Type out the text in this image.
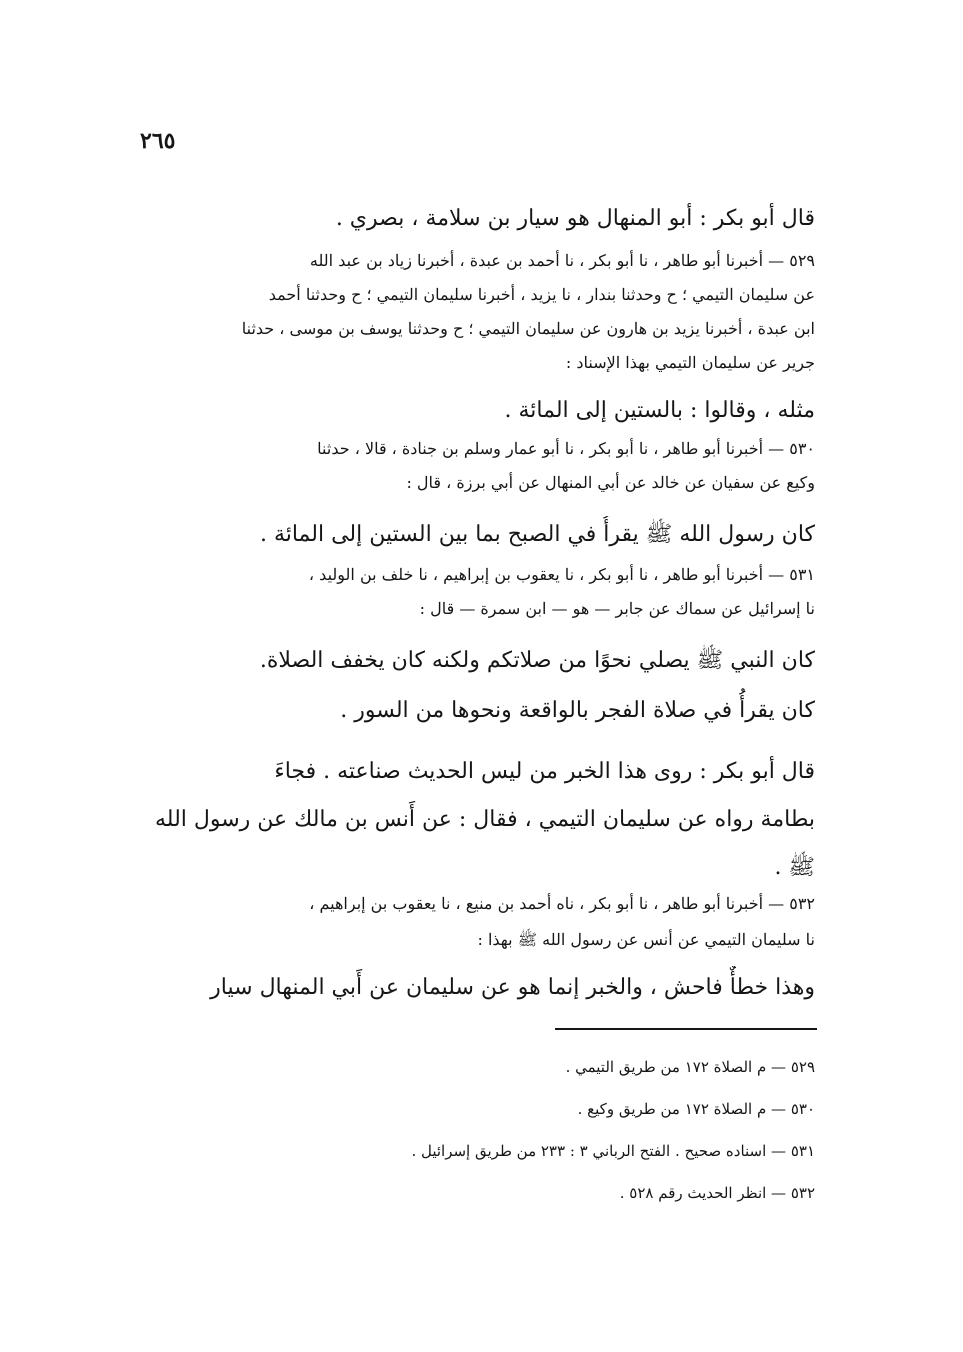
٢٦٥
قال أبو بكر : أبو المنهال هو سيار بن سلامة ، بصري .
٥٢٩ — أخبرنا أبو طاهر ، نا أبو بكر ، نا أحمد بن عبدة ، أخبرنا زياد بن عبد الله
عن سليمان التيمي ؛ ح وحدثنا بندار ، نا يزيد ، أخبرنا سليمان التيمي ؛ ح وحدثنا أحمد
ابن عبدة ، أخبرنا يزيد بن هارون عن سليمان التيمي ؛ ح وحدثنا يوسف بن موسى ، حدثنا
جرير عن سليمان التيمي بهذا الإسناد :
مثله ، وقالوا : بالستين إلى المائة .
٥٣٠ — أخبرنا أبو طاهر ، نا أبو بكر ، نا أبو عمار وسلم بن جنادة ، قالا ، حدثنا
وكيع عن سفيان عن خالد عن أبي المنهال عن أبي برزة ، قال :
كان رسول الله ﷺ يقرأُ في الصبح بما بين الستين إلى المائة .
٥٣١ — أخبرنا أبو طاهر ، نا أبو بكر ، نا يعقوب بن إبراهيم ، نا خلف بن الوليد ،
نا إسرائيل عن سماك عن جابر — هو — ابن سمرة — قال :
كان النبي ﷺ يصلي نحوًا من صلاتكم ولكنه كان يخفف الصلاة.
كان يقرأُ في صلاة الفجر بالواقعة ونحوها من السور .
قال أبو بكر : روى هذا الخبر من ليس الحديث صناعته . فجاءَ
بطامة رواه عن سليمان التيمي ، فقال : عن أَنس بن مالك عن رسول الله
ﷺ .
٥٣٢ — أخبرنا أبو طاهر ، نا أبو بكر ، ناه أحمد بن منيع ، نا يعقوب بن إبراهيم ،
نا سليمان التيمي عن أنس عن رسول الله ﷺ بهذا :
وهذا خطأٌ فاحش ، والخبر إنما هو عن سليمان عن أَبي المنهال سيار
٥٢٩ — م الصلاة ١٧٢ من طريق التيمي .
٥٣٠ — م الصلاة ١٧٢ من طريق وكيع .
٥٣١ — اسناده صحيح . الفتح الرباني ٣ : ٢٣٣ من طريق إسرائيل .
٥٣٢ — انظر الحديث رقم ٥٢٨ .
